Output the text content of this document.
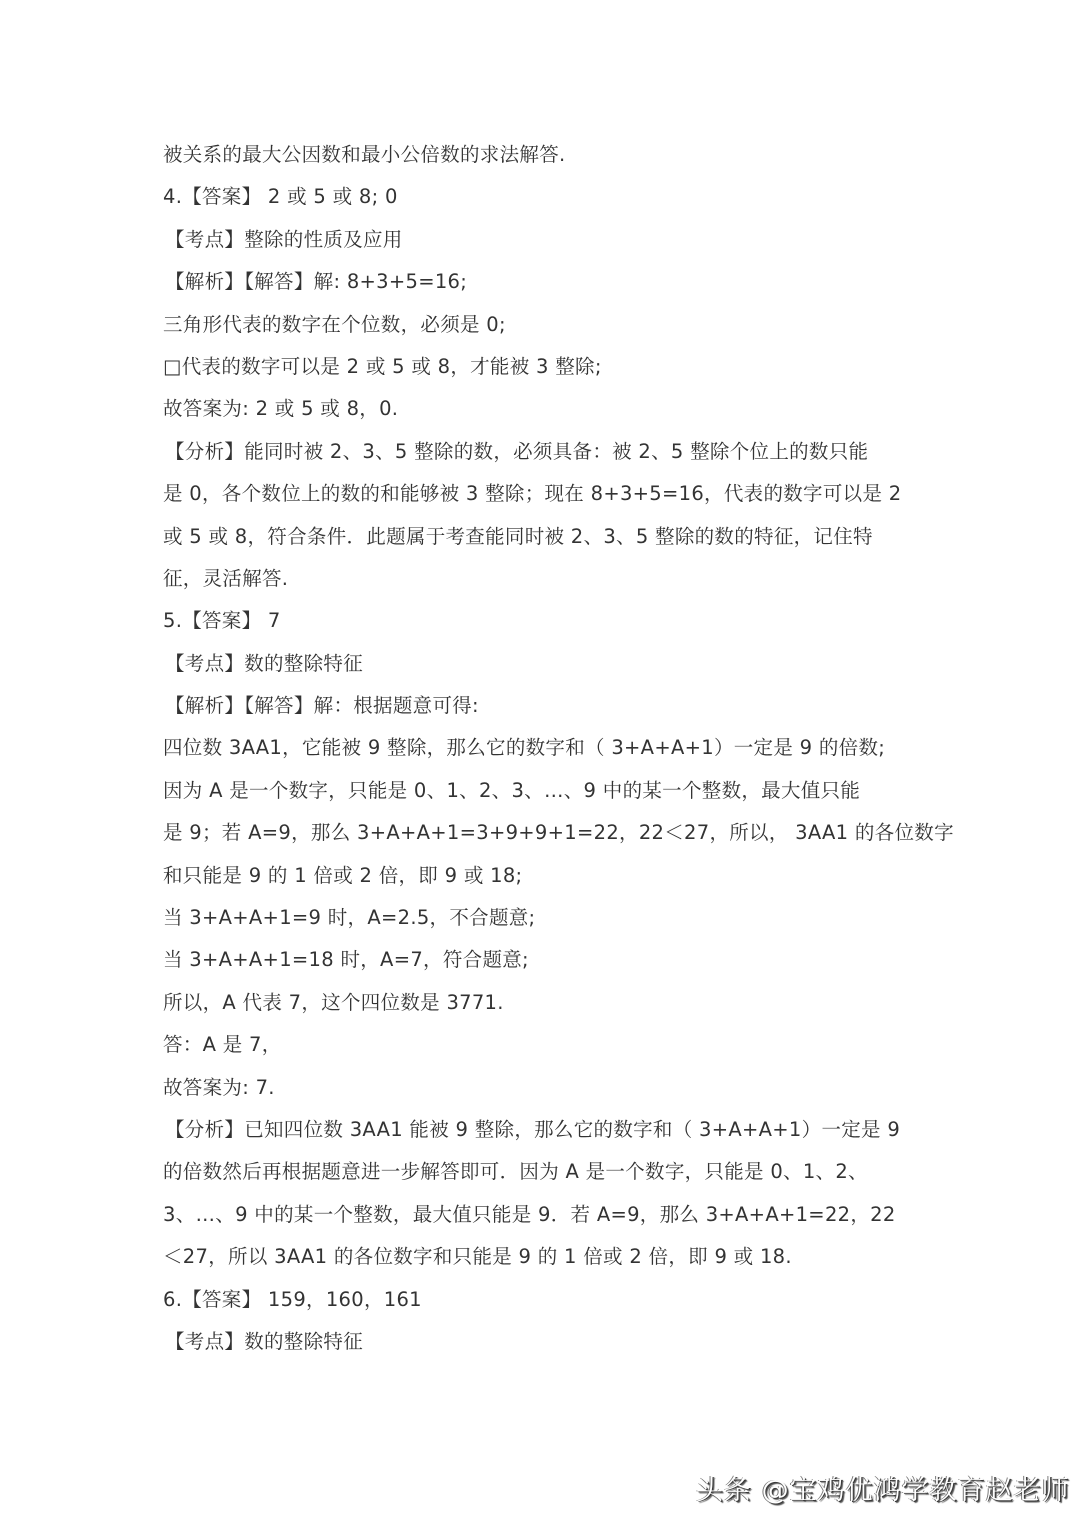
被关系的最大公因数和最小公倍数的求法解答.
4.【答案】 2 或 5 或 8; 0
【考点】整除的性质及应用
【解析】【解答】解: 8+3+5=16;
三角形代表的数字在个位数，必须是 0;
□代表的数字可以是 2 或 5 或 8，才能被 3 整除;
故答案为: 2 或 5 或 8，0.
【分析】能同时被 2、3、5 整除的数，必须具备：被 2、5 整除个位上的数只能
是 0，各个数位上的数的和能够被 3 整除；现在 8+3+5=16，代表的数字可以是 2
或 5 或 8，符合条件．此题属于考查能同时被 2、3、5 整除的数的特征，记住特
征，灵活解答.
5.【答案】 7
【考点】数的整除特征
【解析】【解答】解：根据题意可得:
四位数 3AA1，它能被 9 整除，那么它的数字和（ 3+A+A+1）一定是 9 的倍数;
因为 A 是一个数字，只能是 0、1、2、3、…、9 中的某一个整数，最大值只能
是 9；若 A=9，那么 3+A+A+1=3+9+9+1=22，22＜27，所以， 3AA1 的各位数字
和只能是 9 的 1 倍或 2 倍，即 9 或 18;
当 3+A+A+1=9 时，A=2.5，不合题意;
当 3+A+A+1=18 时，A=7，符合题意;
所以，A 代表 7，这个四位数是 3771.
答：A 是 7，
故答案为: 7.
【分析】已知四位数 3AA1 能被 9 整除，那么它的数字和（ 3+A+A+1）一定是 9
的倍数然后再根据题意进一步解答即可．因为 A 是一个数字，只能是 0、1、2、
3、…、9 中的某一个整数，最大值只能是 9．若 A=9，那么 3+A+A+1=22，22
＜27，所以 3AA1 的各位数字和只能是 9 的 1 倍或 2 倍，即 9 或 18.
6.【答案】 159，160，161
【考点】数的整除特征
头条 @宝鸡优鸿学教育赵老师
